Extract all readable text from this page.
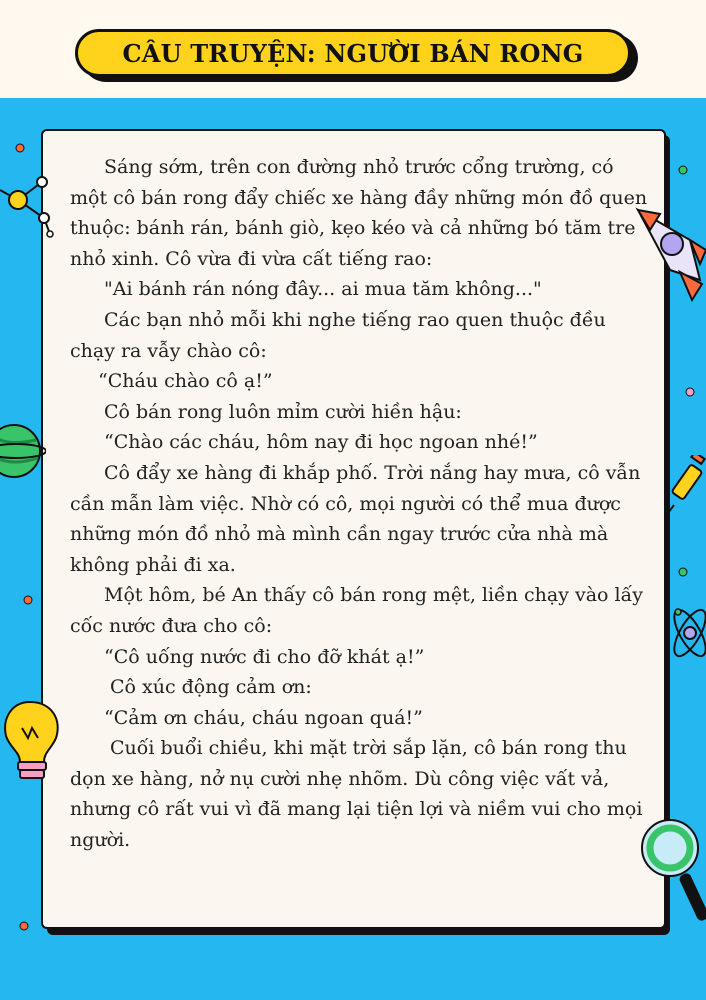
CÂU TRUYỆN: NGƯỜI BÁN RONG

Sáng sớm, trên con đường nhỏ trước cổng trường, có một cô bán rong đẩy chiếc xe hàng đầy những món đồ quen thuộc: bánh rán, bánh giò, kẹo kéo và cả những bó tăm tre nhỏ xinh. Cô vừa đi vừa cất tiếng rao:

"Ai bánh rán nóng đây... ai mua tăm không..."

Các bạn nhỏ mỗi khi nghe tiếng rao quen thuộc đều chạy ra vẫy chào cô:

“Cháu chào cô ạ!”

Cô bán rong luôn mỉm cười hiền hậu:

“Chào các cháu, hôm nay đi học ngoan nhé!”

Cô đẩy xe hàng đi khắp phố. Trời nắng hay mưa, cô vẫn cần mẫn làm việc. Nhờ có cô, mọi người có thể mua được những món đồ nhỏ mà mình cần ngay trước cửa nhà mà không phải đi xa.

Một hôm, bé An thấy cô bán rong mệt, liền chạy vào lấy cốc nước đưa cho cô:

“Cô uống nước đi cho đỡ khát ạ!”

Cô xúc động cảm ơn:

“Cảm ơn cháu, cháu ngoan quá!”

Cuối buổi chiều, khi mặt trời sắp lặn, cô bán rong thu dọn xe hàng, nở nụ cười nhẹ nhõm. Dù công việc vất vả, nhưng cô rất vui vì đã mang lại tiện lợi và niềm vui cho mọi người.
